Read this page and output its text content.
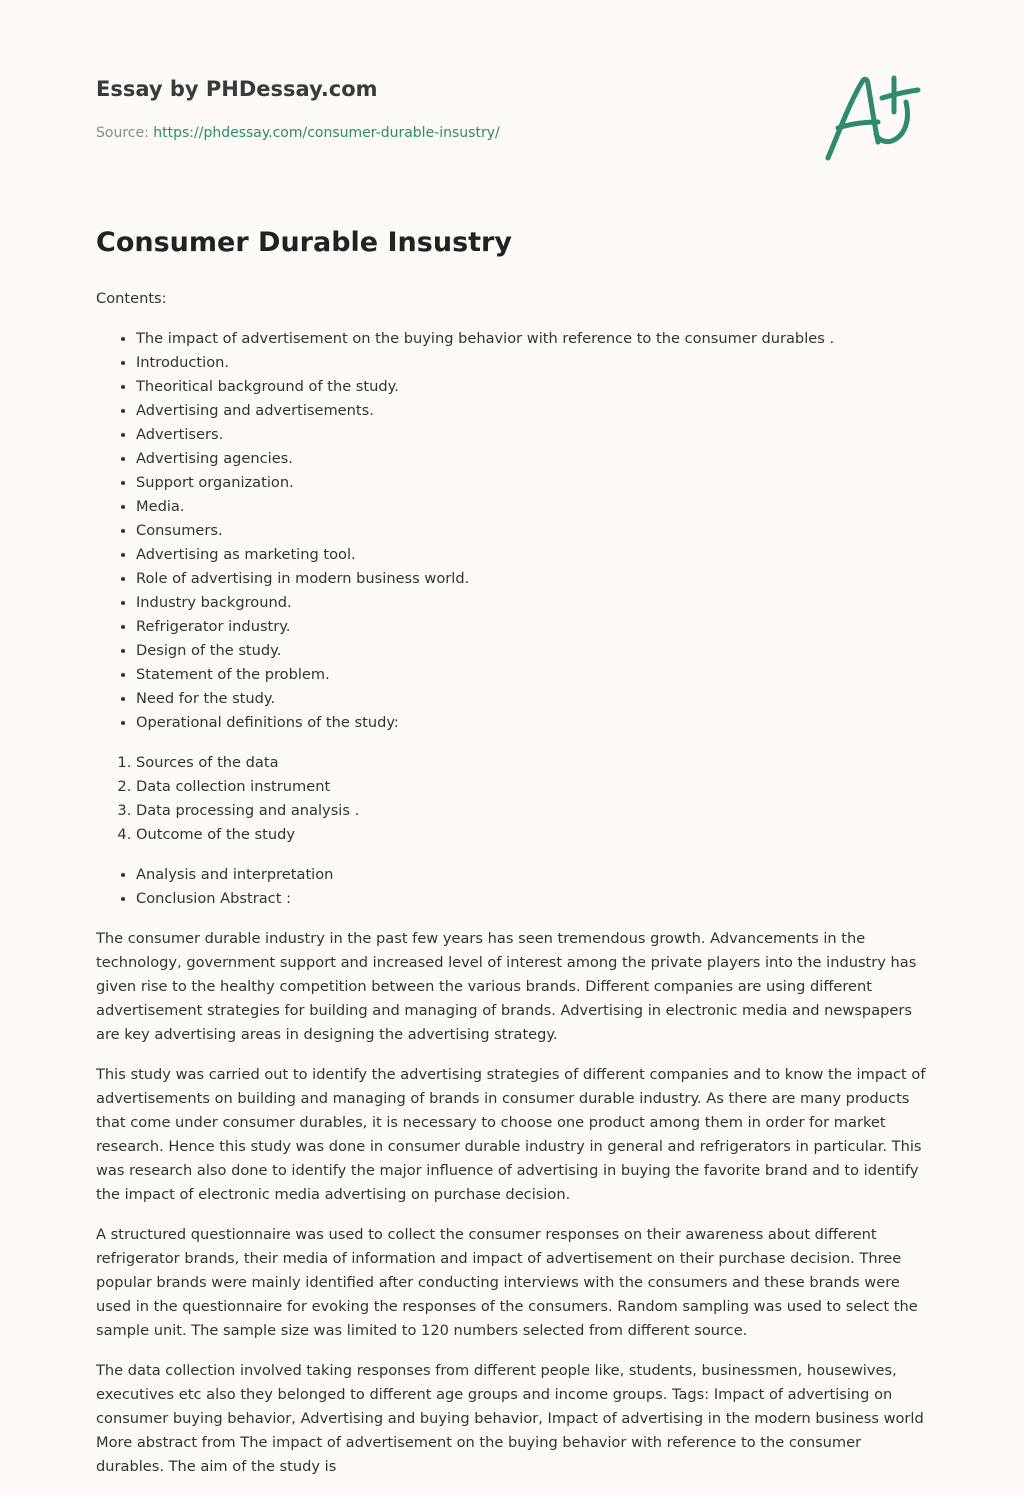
Essay by PHDessay.com

Source: https://phdessay.com/consumer-durable-insustry/

Consumer Durable Insustry

Contents:

• The impact of advertisement on the buying behavior with reference to the consumer durables .
• Introduction.
• Theoritical background of the study.
• Advertising and advertisements.
• Advertisers.
• Advertising agencies.
• Support organization.
• Media.
• Consumers.
• Advertising as marketing tool.
• Role of advertising in modern business world.
• Industry background.
• Refrigerator industry.
• Design of the study.
• Statement of the problem.
• Need for the study.
• Operational definitions of the study:
1. Sources of the data
2. Data collection instrument
3. Data processing and analysis .
4. Outcome of the study
• Analysis and interpretation
• Conclusion Abstract :

The consumer durable industry in the past few years has seen tremendous growth. Advancements in the technology, government support and increased level of interest among the private players into the industry has given rise to the healthy competition between the various brands. Different companies are using different advertisement strategies for building and managing of brands. Advertising in electronic media and newspapers are key advertising areas in designing the advertising strategy.

This study was carried out to identify the advertising strategies of different companies and to know the impact of advertisements on building and managing of brands in consumer durable industry. As there are many products that come under consumer durables, it is necessary to choose one product among them in order for market research. Hence this study was done in consumer durable industry in general and refrigerators in particular. This was research also done to identify the major influence of advertising in buying the favorite brand and to identify the impact of electronic media advertising on purchase decision.

A structured questionnaire was used to collect the consumer responses on their awareness about different refrigerator brands, their media of information and impact of advertisement on their purchase decision. Three popular brands were mainly identified after conducting interviews with the consumers and these brands were used in the questionnaire for evoking the responses of the consumers. Random sampling was used to select the sample unit. The sample size was limited to 120 numbers selected from different source.

The data collection involved taking responses from different people like, students, businessmen, housewives, executives etc also they belonged to different age groups and income groups. Tags: Impact of advertising on consumer buying behavior, Advertising and buying behavior, Impact of advertising in the modern business world More abstract from The impact of advertisement on the buying behavior with reference to the consumer durables. The aim of the study is
